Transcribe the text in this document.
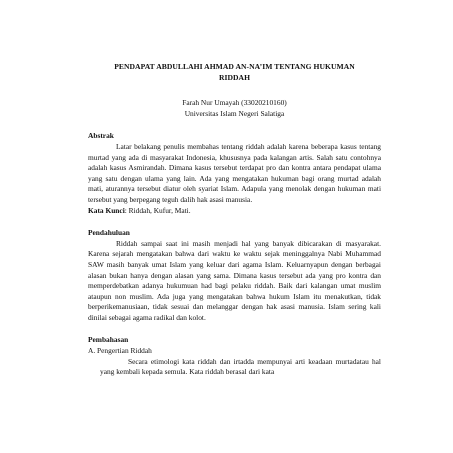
PENDAPAT ABDULLAHI AHMAD AN-NA’IM TENTANG HUKUMAN
RIDDAH

Farah Nur Umayah (33020210160)
Universitas Islam Negeri Salatiga

Abstrak

Latar belakang penulis membahas tentang riddah adalah karena beberapa kasus tentang murtad yang ada di masyarakat Indonesia, khususnya pada kalangan artis. Salah satu contohnya adalah kasus Asmirandah. Dimana kasus tersebut terdapat pro dan kontra antara pendapat ulama yang satu dengan ulama yang lain. Ada yang mengatakan hukuman bagi orang murtad adalah mati, aturannya tersebut diatur oleh syariat Islam. Adapula yang menolak dengan hukuman mati tersebut yang berpegang teguh dalih hak asasi manusia.

Kata Kunci: Riddah, Kufur, Mati.

Pendahuluan

Riddah sampai saat ini masih menjadi hal yang banyak dibicarakan di masyarakat. Karena sejarah mengatakan bahwa dari waktu ke waktu sejak meninggalnya Nabi Muhammad SAW masih banyak umat Islam yang keluar dari agama Islam. Keluarnyapun dengan berbagai alasan bukan hanya dengan alasan yang sama. Dimana kasus tersebut ada yang pro kontra dan memperdebatkan adanya hukumuan had bagi pelaku riddah. Baik dari kalangan umat muslim ataupun non muslim. Ada juga yang mengatakan bahwa hukum Islam itu menakutkan, tidak berperikemanusiaan, tidak sesuai dan melanggar dengan hak asasi manusia. Islam sering kali dinilai sebagai agama radikal dan kolot.

Pembahasan

A. Pengertian Riddah

Secara etimologi kata riddah dan irtadda mempunyai arti keadaan murtadatau hal yang kembali kepada semula. Kata riddah berasal dari kata
